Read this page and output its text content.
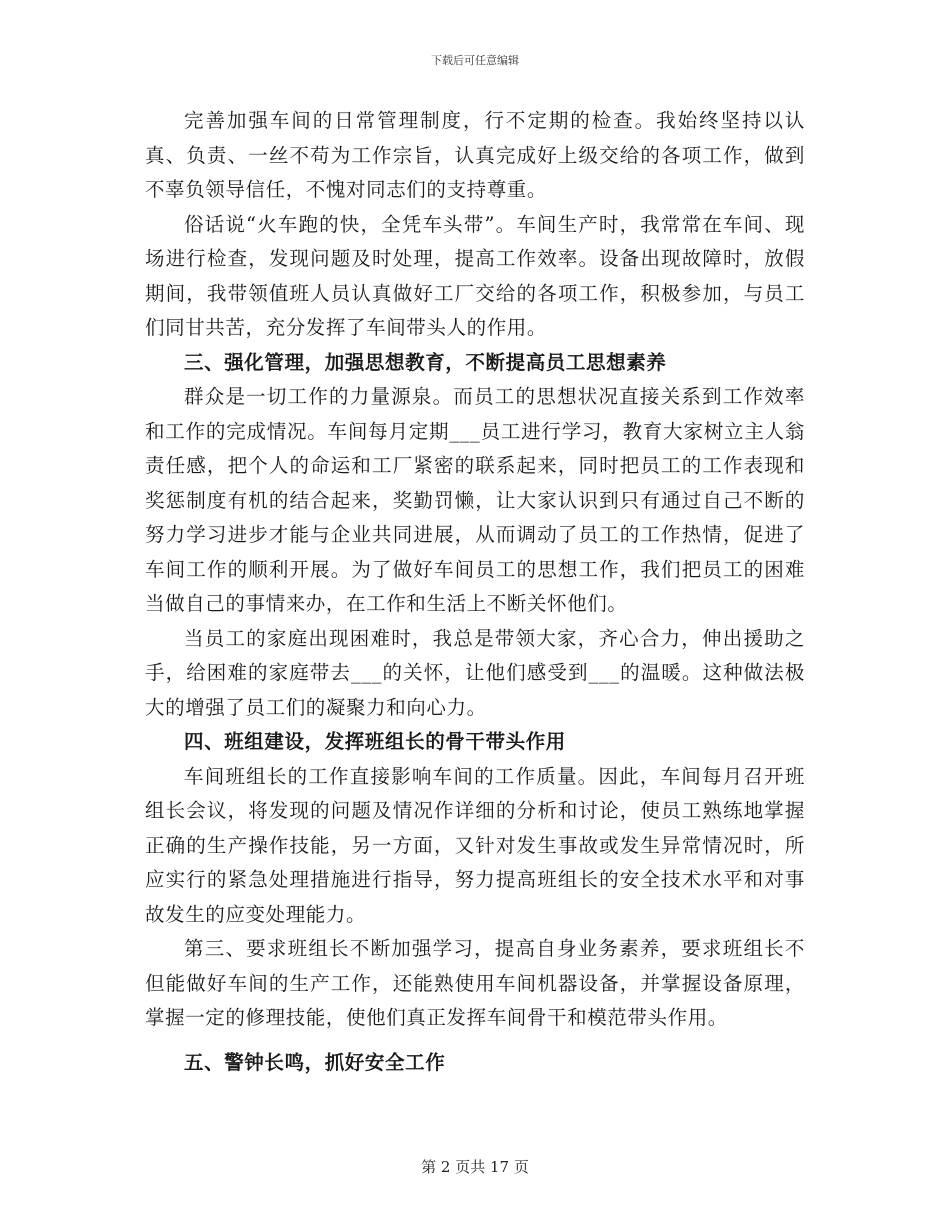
下载后可任意编辑

完善加强车间的日常管理制度，行不定期的检查。我始终坚持以认真、负责、一丝不苟为工作宗旨，认真完成好上级交给的各项工作，做到不辜负领导信任，不愧对同志们的支持尊重。

俗话说“火车跑的快，全凭车头带”。车间生产时，我常常在车间、现场进行检查，发现问题及时处理，提高工作效率。设备出现故障时，放假期间，我带领值班人员认真做好工厂交给的各项工作，积极参加，与员工们同甘共苦，充分发挥了车间带头人的作用。

三、强化管理，加强思想教育，不断提高员工思想素养

群众是一切工作的力量源泉。而员工的思想状况直接关系到工作效率和工作的完成情况。车间每月定期___员工进行学习，教育大家树立主人翁责任感，把个人的命运和工厂紧密的联系起来，同时把员工的工作表现和奖惩制度有机的结合起来，奖勤罚懒，让大家认识到只有通过自己不断的努力学习进步才能与企业共同进展，从而调动了员工的工作热情，促进了车间工作的顺利开展。为了做好车间员工的思想工作，我们把员工的困难当做自己的事情来办，在工作和生活上不断关怀他们。

当员工的家庭出现困难时，我总是带领大家，齐心合力，伸出援助之手，给困难的家庭带去___的关怀，让他们感受到___的温暖。这种做法极大的增强了员工们的凝聚力和向心力。

四、班组建设，发挥班组长的骨干带头作用

车间班组长的工作直接影响车间的工作质量。因此，车间每月召开班组长会议，将发现的问题及情况作详细的分析和讨论，使员工熟练地掌握正确的生产操作技能，另一方面，又针对发生事故或发生异常情况时，所应实行的紧急处理措施进行指导，努力提高班组长的安全技术水平和对事故发生的应变处理能力。

第三、要求班组长不断加强学习，提高自身业务素养，要求班组长不但能做好车间的生产工作，还能熟使用车间机器设备，并掌握设备原理，掌握一定的修理技能，使他们真正发挥车间骨干和模范带头作用。

五、警钟长鸣，抓好安全工作

第 2 页共 17 页
